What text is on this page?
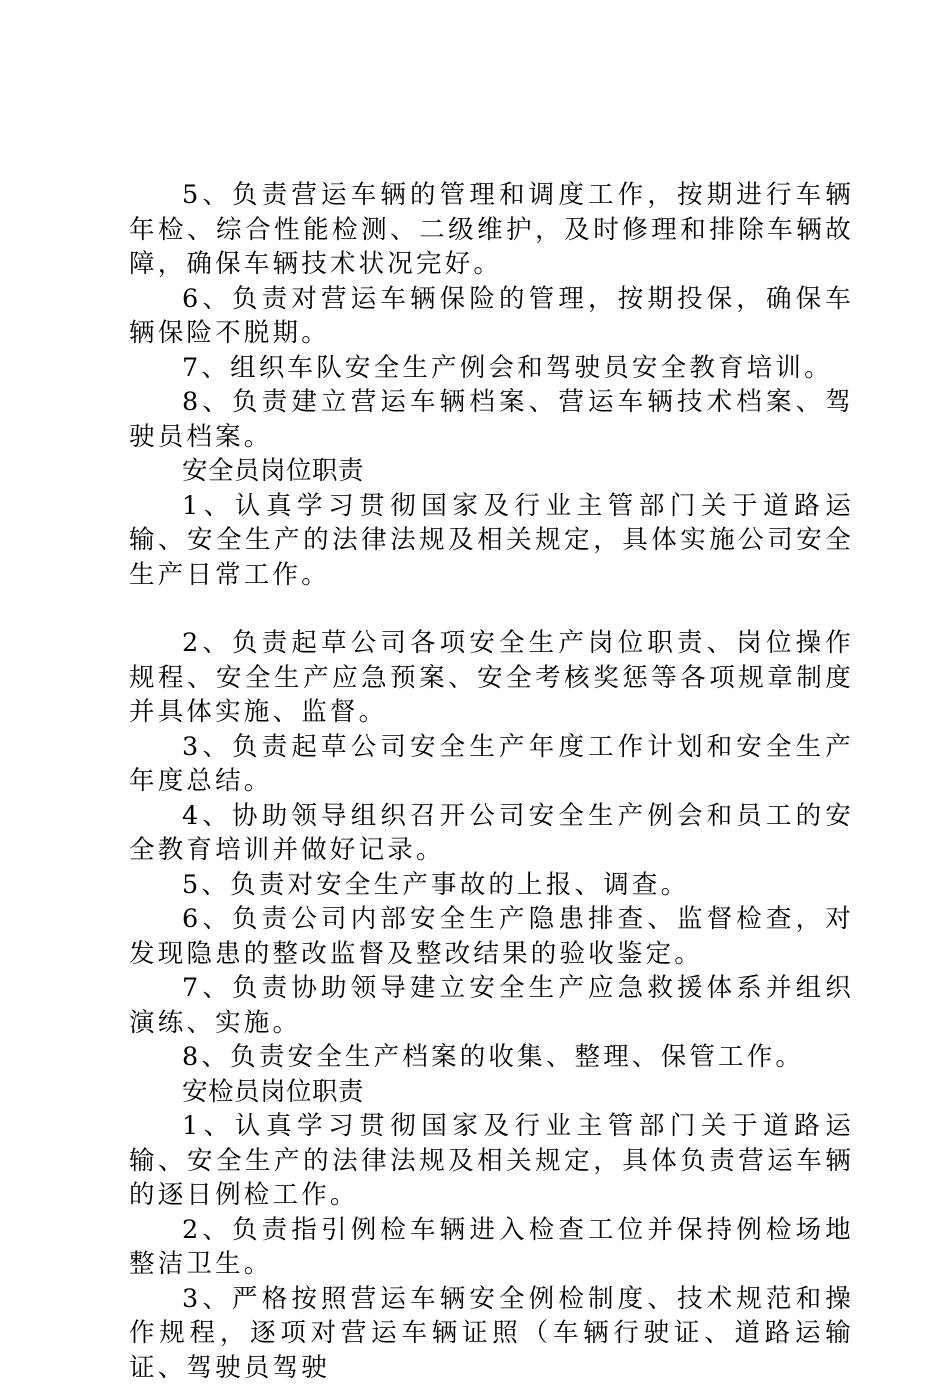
5、负责营运车辆的管理和调度工作，按期进行车辆年检、综合性能检测、二级维护，及时修理和排除车辆故障，确保车辆技术状况完好。

6、负责对营运车辆保险的管理，按期投保，确保车辆保险不脱期。

7、组织车队安全生产例会和驾驶员安全教育培训。

8、负责建立营运车辆档案、营运车辆技术档案、驾驶员档案。

安全员岗位职责

1、认真学习贯彻国家及行业主管部门关于道路运输、安全生产的法律法规及相关规定，具体实施公司安全生产日常工作。

2、负责起草公司各项安全生产岗位职责、岗位操作规程、安全生产应急预案、安全考核奖惩等各项规章制度并具体实施、监督。

3、负责起草公司安全生产年度工作计划和安全生产年度总结。

4、协助领导组织召开公司安全生产例会和员工的安全教育培训并做好记录。

5、负责对安全生产事故的上报、调查。

6、负责公司内部安全生产隐患排查、监督检查，对发现隐患的整改监督及整改结果的验收鉴定。

7、负责协助领导建立安全生产应急救援体系并组织演练、实施。

8、负责安全生产档案的收集、整理、保管工作。

安检员岗位职责

1、认真学习贯彻国家及行业主管部门关于道路运输、安全生产的法律法规及相关规定，具体负责营运车辆的逐日例检工作。

2、负责指引例检车辆进入检查工位并保持例检场地整洁卫生。

3、严格按照营运车辆安全例检制度、技术规范和操作规程，逐项对营运车辆证照（车辆行驶证、道路运输证、驾驶员驾驶
